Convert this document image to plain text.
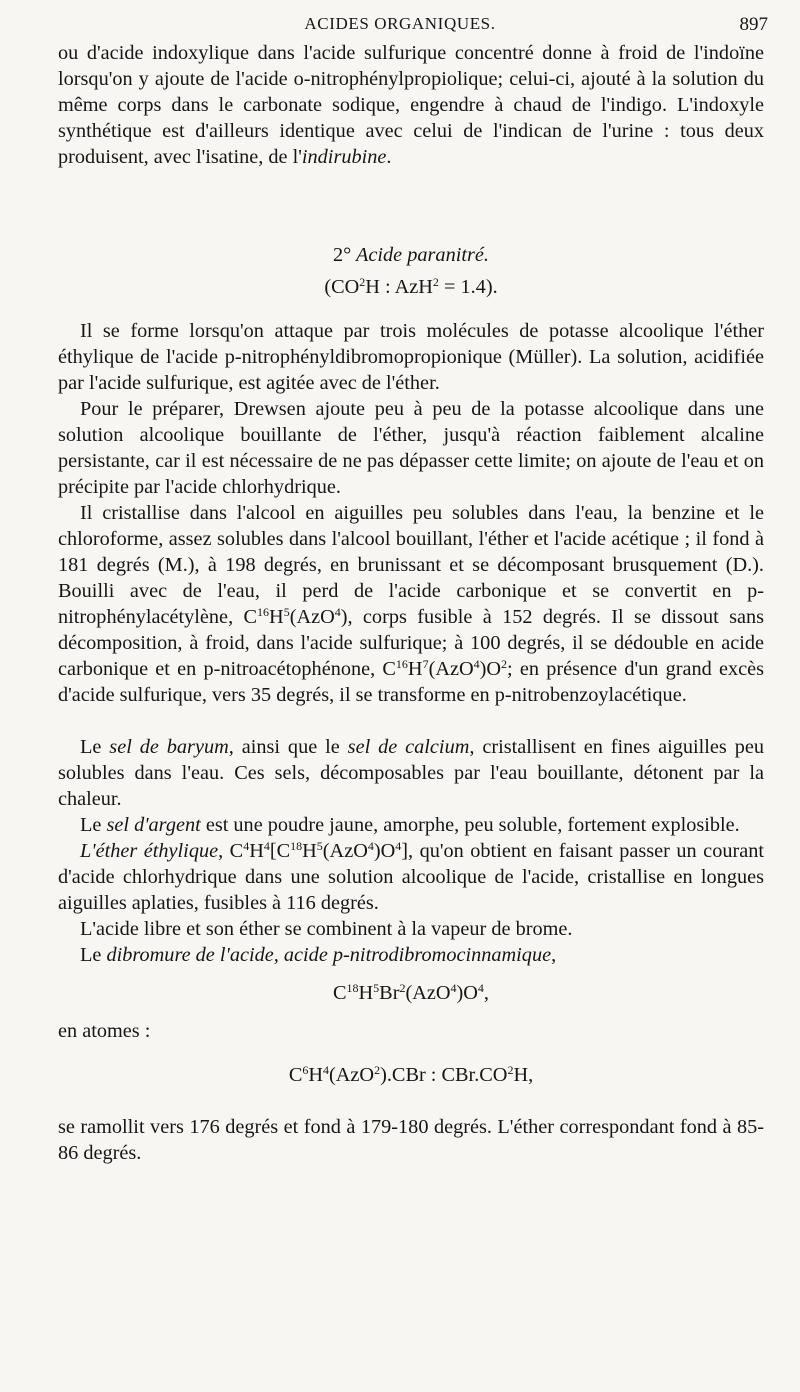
ACIDES ORGANIQUES.	897

ou d'acide indoxylique dans l'acide sulfurique concentré donne à froid de l'indoïne lorsqu'on y ajoute de l'acide o-nitrophénylpropiolique; celui-ci, ajouté à la solution du même corps dans le carbonate sodique, engendre à chaud de l'indigo. L'indoxyle synthétique est d'ailleurs identique avec celui de l'indican de l'urine : tous deux produisent, avec l'isatine, de l'indirubine.

2° Acide paranitré.
($CO^2H$ : AzH$^2$ = 1.4).

Il se forme lorsqu'on attaque par trois molécules de potasse alcoolique l'éther éthylique de l'acide p-nitrophényldibromopropionique (Müller). La solution, acidifiée par l'acide sulfurique, est agitée avec de l'éther.

Pour le préparer, Drewsen ajoute peu à peu de la potasse alcoolique dans une solution alcoolique bouillante de l'éther, jusqu'à réaction faiblement alcaline persistante, car il est nécessaire de ne pas dépasser cette limite; on ajoute de l'eau et on précipite par l'acide chlorhydrique.

Il cristallise dans l'alcool en aiguilles peu solubles dans l'eau, la benzine et le chloroforme, assez solubles dans l'alcool bouillant, l'éther et l'acide acétique ; il fond à 181 degrés (M.), à 198 degrés, en brunissant et se décomposant brusquement (D.). Bouilli avec de l'eau, il perd de l'acide carbonique et se convertit en p-nitrophénylacétylène, $C^{16}H^5(AzO^4)$, corps fusible à 152 degrés. Il se dissout sans décomposition, à froid, dans l'acide sulfurique; à 100 degrés, il se dédouble en acide carbonique et en p-nitroacétophénone, $C^{16}H^7(AzO^4)O^2$; en présence d'un grand excès d'acide sulfurique, vers 35 degrés, il se transforme en p-nitrobenzoylacétique.

Le sel de baryum, ainsi que le sel de calcium, cristallisent en fines aiguilles peu solubles dans l'eau. Ces sels, décomposables par l'eau bouillante, détonent par la chaleur.

Le sel d'argent est une poudre jaune, amorphe, peu soluble, fortement explosible.

L'éther éthylique, $C^4H^4[C^{18}H^5(AzO^4)O^4]$, qu'on obtient en faisant passer un courant d'acide chlorhydrique dans une solution alcoolique de l'acide, cristallise en longues aiguilles aplaties, fusibles à 116 degrés.

L'acide libre et son éther se combinent à la vapeur de brome.

Le dibromure de l'acide, acide p-nitrodibromocinnamique,

$C^{18}H^5Br^2(AzO^4)O^4$,

en atomes :

$C^6H^4(AzO^2).CBr$ : $CBr.CO^2H$,

se ramollit vers 176 degrés et fond à 179-180 degrés. L'éther correspondant fond à 85-86 degrés.
